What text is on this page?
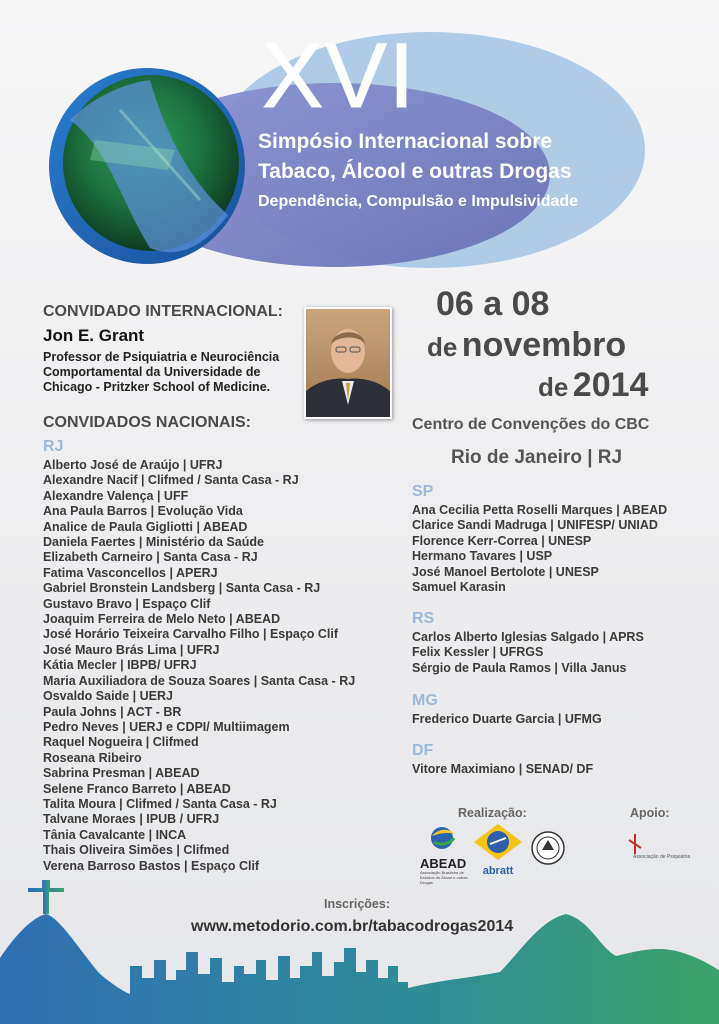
XVI
Simpósio Internacional sobre
Tabaco, Álcool e outras Drogas
Dependência, Compulsão e Impulsividade
CONVIDADO INTERNACIONAL:
Jon E. Grant
Professor de Psiquiatria e Neurociência
Comportamental da Universidade de
Chicago - Pritzker School of Medicine.
CONVIDADOS NACIONAIS:
RJ
Alberto José de Araújo | UFRJ
Alexandre Nacif | Clifmed / Santa Casa - RJ
Alexandre Valença | UFF
Ana Paula Barros | Evolução Vida
Analice de Paula Gigliotti | ABEAD
Daniela Faertes | Ministério da Saúde
Elizabeth Carneiro | Santa Casa - RJ
Fatima Vasconcellos | APERJ
Gabriel Bronstein Landsberg | Santa Casa - RJ
Gustavo Bravo | Espaço Clif
Joaquim Ferreira de Melo Neto | ABEAD
José Horário Teixeira Carvalho Filho | Espaço Clif
José Mauro Brás Lima | UFRJ
Kátia Mecler | IBPB/ UFRJ
Maria Auxiliadora de Souza Soares | Santa Casa - RJ
Osvaldo Saide | UERJ
Paula Johns | ACT - BR
Pedro Neves | UERJ e CDPI/ Multiimagem
Raquel Nogueira | Clifmed
Roseana Ribeiro
Sabrina Presman | ABEAD
Selene Franco Barreto | ABEAD
Talita Moura | Clifmed / Santa Casa - RJ
Talvane Moraes | IPUB / UFRJ
Tânia Cavalcante | INCA
Thais Oliveira Simões | Clifmed
Verena Barroso Bastos | Espaço Clif
06 a 08
de novembro
de 2014
Centro de Convenções do CBC
Rio de Janeiro | RJ
SP
Ana Cecilia Petta Roselli Marques | ABEAD
Clarice Sandi Madruga | UNIFESP/ UNIAD
Florence Kerr-Correa | UNESP
Hermano Tavares | USP
José Manoel Bertolote | UNESP
Samuel Karasin
RS
Carlos Alberto Iglesias Salgado | APRS
Felix Kessler | UFRGS
Sérgio de Paula Ramos | Villa Janus
MG
Frederico Duarte Garcia | UFMG
DF
Vitore Maximiano | SENAD/ DF
Realização:	Apoio:
ABEAD
Associação Brasileira de Estudos do Álcool e outras Drogas
abratt
Associação de Psiquiatria
Inscrições:
www.metodorio.com.br/tabacodrogas2014
